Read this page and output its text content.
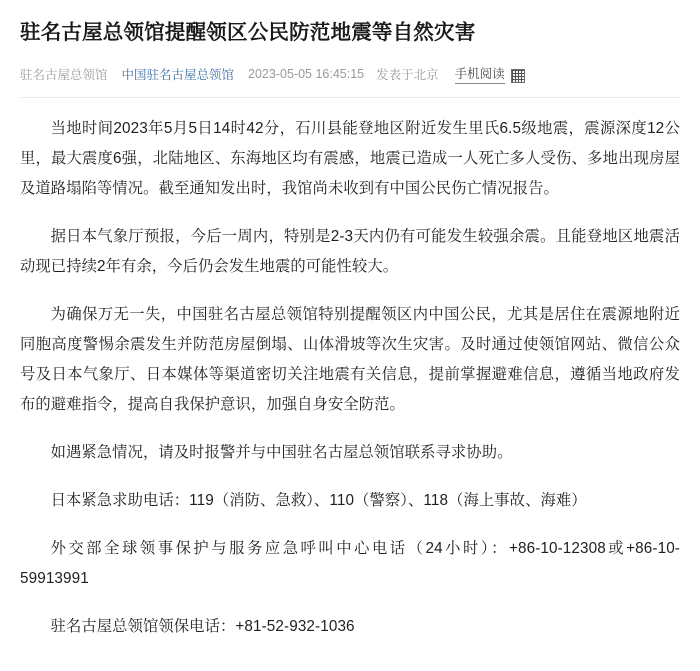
驻名古屋总领馆提醒领区公民防范地震等自然灾害
驻名古屋总领馆 中国驻名古屋总领馆 2023-05-05 16:45:15 发表于北京 手机阅读

当地时间2023年5月5日14时42分，石川县能登地区附近发生里氏6.5级地震，震源深度12公里，最大震度6强，北陆地区、东海地区均有震感，地震已造成一人死亡多人受伤、多地出现房屋及道路塌陷等情况。截至通知发出时，我馆尚未收到有中国公民伤亡情况报告。

据日本气象厅预报，今后一周内，特别是2-3天内仍有可能发生较强余震。且能登地区地震活动现已持续2年有余，今后仍会发生地震的可能性较大。

为确保万无一失，中国驻名古屋总领馆特别提醒领区内中国公民，尤其是居住在震源地附近同胞高度警惕余震发生并防范房屋倒塌、山体滑坡等次生灾害。及时通过使领馆网站、微信公众号及日本气象厅、日本媒体等渠道密切关注地震有关信息，提前掌握避难信息，遵循当地政府发布的避难指令，提高自我保护意识，加强自身安全防范。

如遇紧急情况，请及时报警并与中国驻名古屋总领馆联系寻求协助。

日本紧急求助电话：119（消防、急救）、110（警察）、118（海上事故、海难）

外交部全球领事保护与服务应急呼叫中心电话（24小时）：+86-10-12308或+86-10-59913991

驻名古屋总领馆领保电话：+81-52-932-1036
